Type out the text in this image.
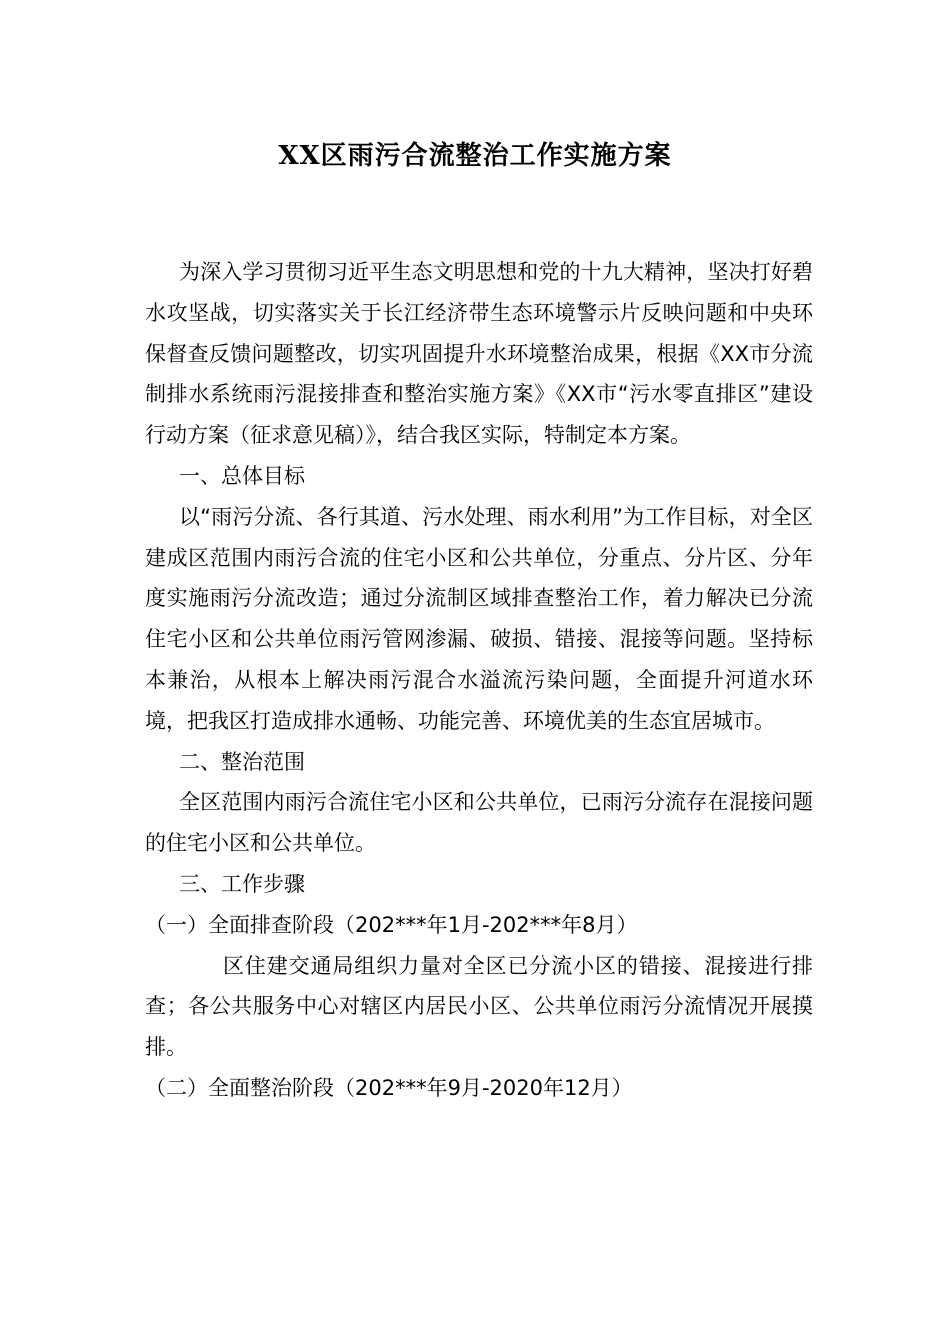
XX区雨污合流整治工作实施方案

为深入学习贯彻习近平生态文明思想和党的十九大精神，坚决打好碧水攻坚战，切实落实关于长江经济带生态环境警示片反映问题和中央环保督查反馈问题整改，切实巩固提升水环境整治成果，根据《XX市分流制排水系统雨污混接排查和整治实施方案》《XX市“污水零直排区”建设行动方案（征求意见稿）》，结合我区实际，特制定本方案。

一、总体目标

以“雨污分流、各行其道、污水处理、雨水利用”为工作目标，对全区建成区范围内雨污合流的住宅小区和公共单位，分重点、分片区、分年度实施雨污分流改造；通过分流制区域排查整治工作，着力解决已分流住宅小区和公共单位雨污管网渗漏、破损、错接、混接等问题。坚持标本兼治，从根本上解决雨污混合水溢流污染问题，全面提升河道水环境，把我区打造成排水通畅、功能完善、环境优美的生态宜居城市。

二、整治范围

全区范围内雨污合流住宅小区和公共单位，已雨污分流存在混接问题的住宅小区和公共单位。

三、工作步骤

（一）全面排查阶段（202***年1月-202***年8月）

区住建交通局组织力量对全区已分流小区的错接、混接进行排查；各公共服务中心对辖区内居民小区、公共单位雨污分流情况开展摸排。

（二）全面整治阶段（202***年9月-2020年12月）
